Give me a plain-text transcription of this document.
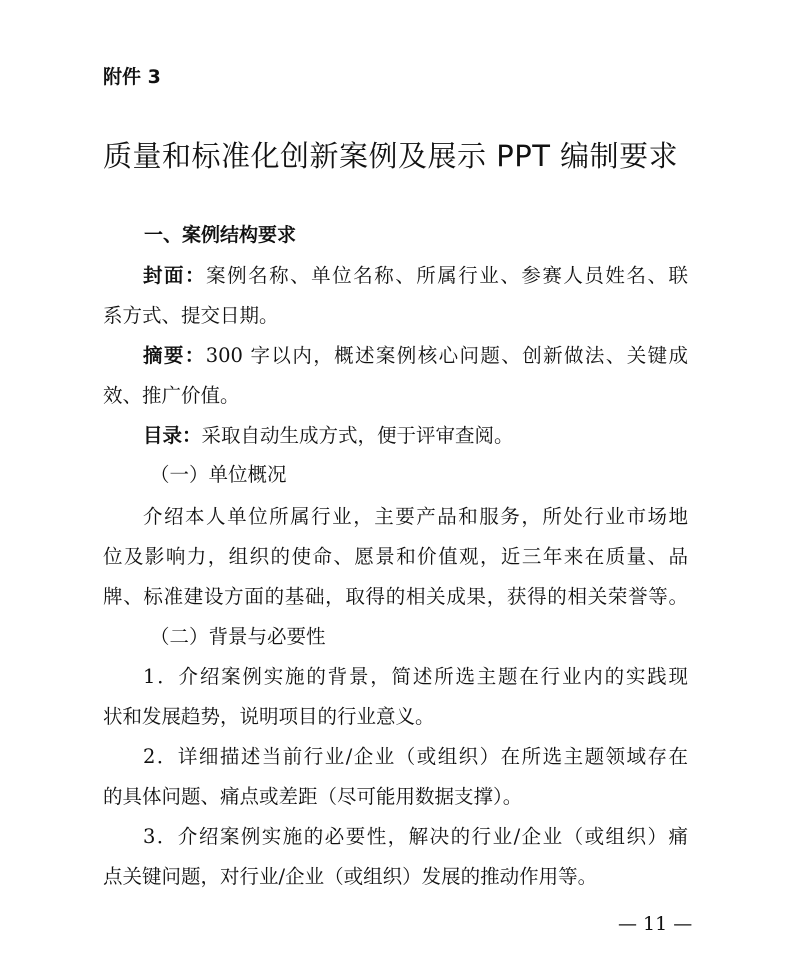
附件 3
质量和标准化创新案例及展示 PPT 编制要求
一、案例结构要求
封面：案例名称、单位名称、所属行业、参赛人员姓名、联
系方式、提交日期。
摘要：300 字以内，概述案例核心问题、创新做法、关键成
效、推广价值。
目录：采取自动生成方式，便于评审查阅。
（一）单位概况
介绍本人单位所属行业，主要产品和服务，所处行业市场地
位及影响力，组织的使命、愿景和价值观，近三年来在质量、品
牌、标准建设方面的基础，取得的相关成果，获得的相关荣誉等。
（二）背景与必要性
1．介绍案例实施的背景，简述所选主题在行业内的实践现
状和发展趋势，说明项目的行业意义。
2．详细描述当前行业/企业（或组织）在所选主题领域存在
的具体问题、痛点或差距（尽可能用数据支撑）。
3．介绍案例实施的必要性，解决的行业/企业（或组织）痛
点关键问题，对行业/企业（或组织）发展的推动作用等。
— 11 —
